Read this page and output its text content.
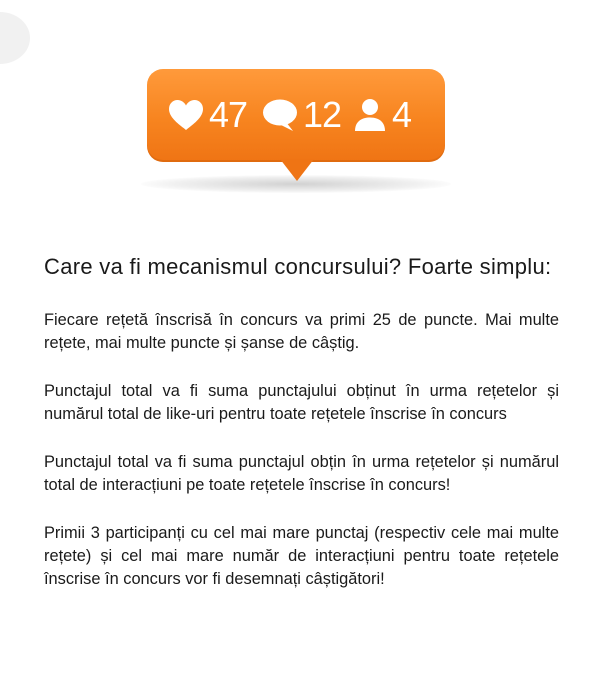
47 12 4
Care va fi mecanismul concursului? Foarte simplu:

Fiecare rețetă înscrisă în concurs va primi 25 de puncte. Mai multe rețete, mai multe puncte și șanse de câștig.

Punctajul total va fi suma punctajului obținut în urma rețetelor și numărul total de like-uri pentru toate rețetele înscrise în concurs

Punctajul total va fi suma punctajul obțin în urma rețetelor și numărul total de interacțiuni pe toate rețetele înscrise în concurs!

Primii 3 participanți cu cel mai mare punctaj (respectiv cele mai multe rețete) și cel mai mare număr de interacțiuni pentru toate rețetele înscrise în concurs vor fi desemnați câștigători!
